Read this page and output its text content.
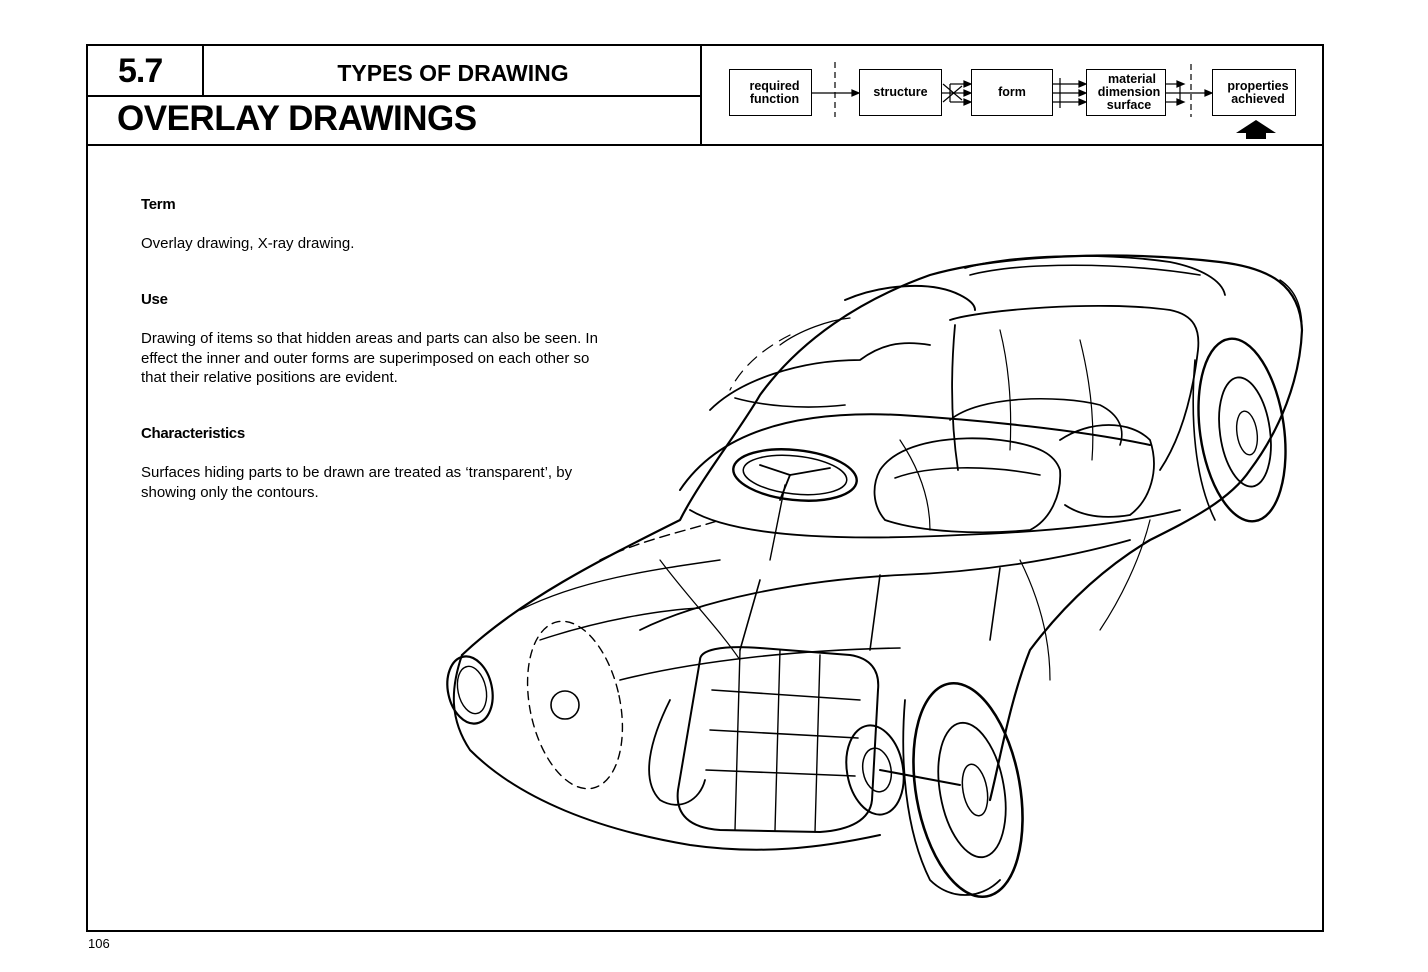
5.7	TYPES OF DRAWING
OVERLAY DRAWINGS
required
function	structure	form
material
dimension
surface
properties
achieved
Term
Overlay drawing, X-ray drawing.
Use
Drawing of items so that hidden areas and parts can also be seen. In
effect the inner and outer forms are superimposed on each other so
that their relative positions are evident.
Characteristics
Surfaces hiding parts to be drawn are treated as ‘transparent’, by
showing only the contours.
106
